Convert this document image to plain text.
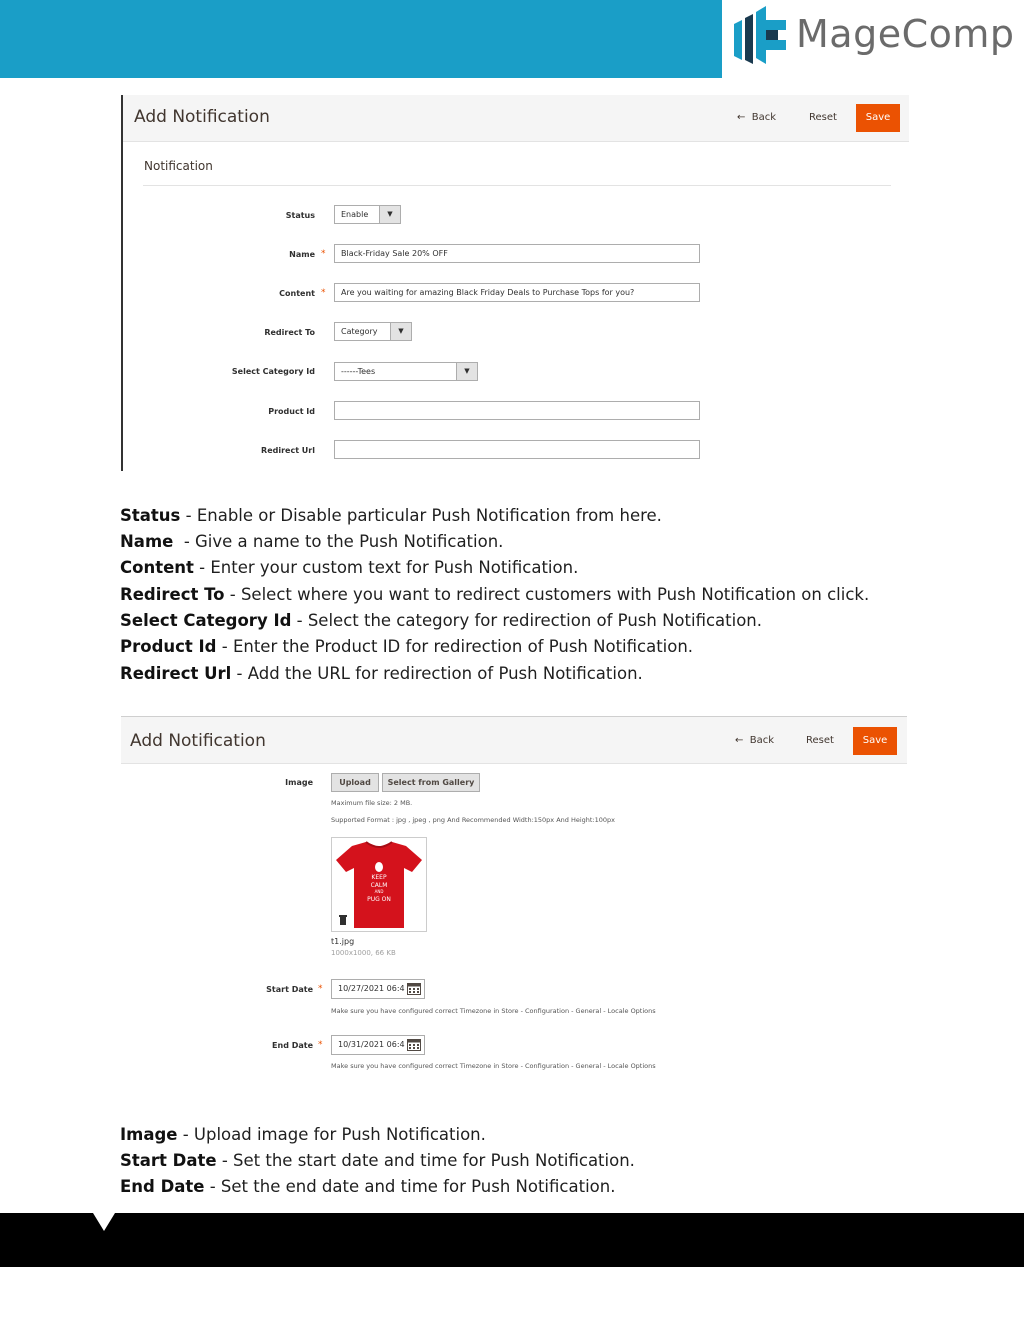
MageComp
Add Notification	← Back	Reset	Save
Notification
Status	Enable	▼
Name *	Black-Friday Sale 20% OFF
Content *	Are you waiting for amazing Black Friday Deals to Purchase Tops for you?
Redirect To	Category	▼
Select Category Id	------Tees	▼
Product Id
Redirect Url
Status - Enable or Disable particular Push Notification from here.
Name  - Give a name to the Push Notification.
Content - Enter your custom text for Push Notification.
Redirect To - Select where you want to redirect customers with Push Notification on click.
Select Category Id - Select the category for redirection of Push Notification.
Product Id - Enter the Product ID for redirection of Push Notification.
Redirect Url - Add the URL for redirection of Push Notification.
Add Notification	← Back	Reset	Save
Image	Upload	Select from Gallery
Maximum file size: 2 MB.
Supported Format : jpg , jpeg , png And Recommended Width:150px And Height:100px
KEEP
CALM
AND
PUG ON
t1.jpg
1000x1000, 66 KB
Start Date *	10/27/2021 06:4
Make sure you have configured correct Timezone in Store - Configuration - General - Locale Options
End Date *	10/31/2021 06:4
Make sure you have configured correct Timezone in Store - Configuration - General - Locale Options
Image - Upload image for Push Notification.
Start Date - Set the start date and time for Push Notification.
End Date - Set the end date and time for Push Notification.
